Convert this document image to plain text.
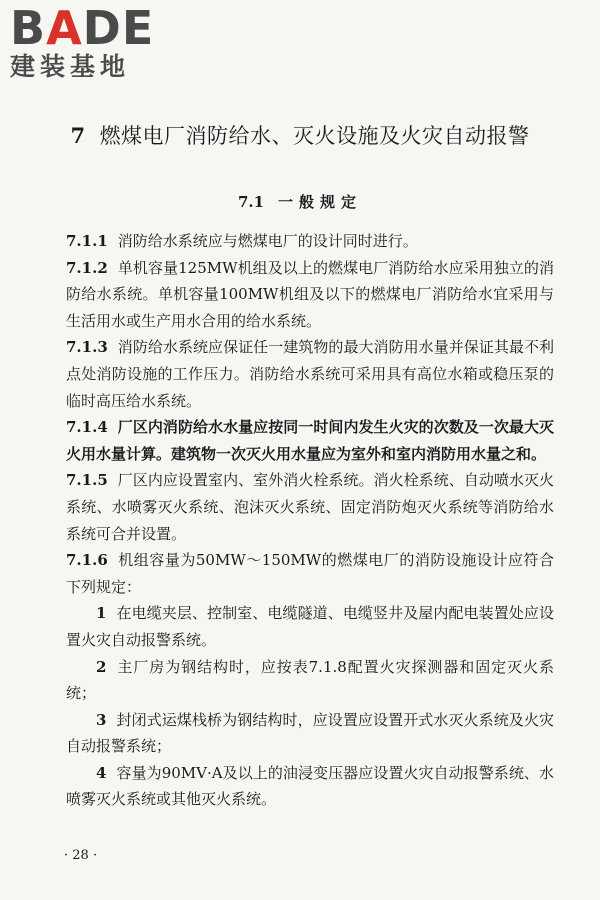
BADE
建装基地
7 燃煤电厂消防给水、灭火设施及火灾自动报警
7.1 一般规定

7.1.1 消防给水系统应与燃煤电厂的设计同时进行。

7.1.2 单机容量125MW机组及以上的燃煤电厂消防给水应采用独立的消防给水系统。单机容量100MW机组及以下的燃煤电厂消防给水宜采用与生活用水或生产用水合用的给水系统。

7.1.3 消防给水系统应保证任一建筑物的最大消防用水量并保证其最不利点处消防设施的工作压力。消防给水系统可采用具有高位水箱或稳压泵的临时高压给水系统。

7.1.4 厂区内消防给水水量应按同一时间内发生火灾的次数及一次最大灭火用水量计算。建筑物一次灭火用水量应为室外和室内消防用水量之和。

7.1.5 厂区内应设置室内、室外消火栓系统。消火栓系统、自动喷水灭火系统、水喷雾灭火系统、泡沫灭火系统、固定消防炮灭火系统等消防给水系统可合并设置。

7.1.6 机组容量为50MW～150MW的燃煤电厂的消防设施设计应符合下列规定：

1 在电缆夹层、控制室、电缆隧道、电缆竖井及屋内配电装置处应设置火灾自动报警系统。

2 主厂房为钢结构时，应按表7.1.8配置火灾探测器和固定灭火系统；

3 封闭式运煤栈桥为钢结构时，应设置应设置开式水灭火系统及火灾自动报警系统；

4 容量为90MV·A及以上的油浸变压器应设置火灾自动报警系统、水喷雾灭火系统或其他灭火系统。

· 28 ·
